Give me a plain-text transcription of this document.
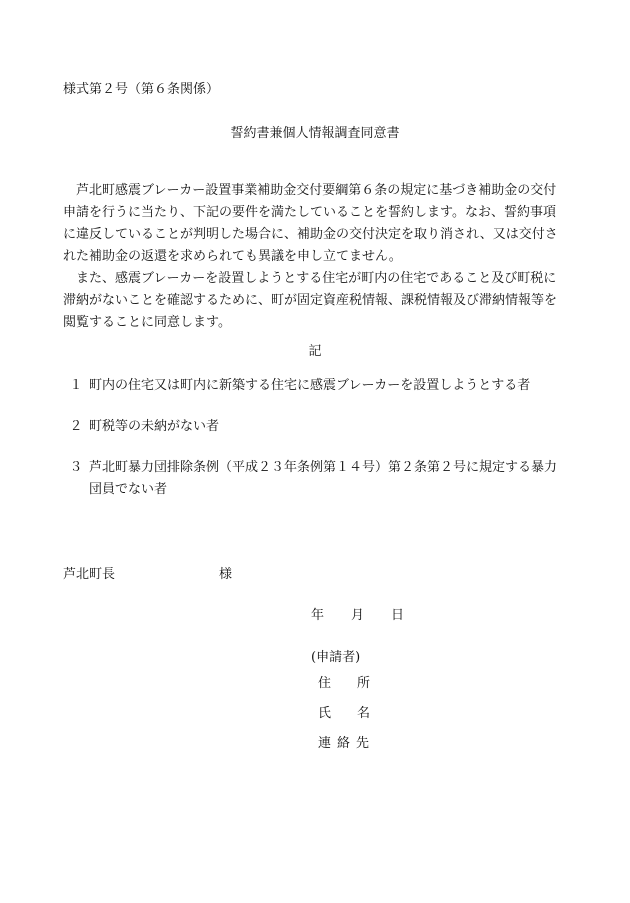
様式第２号（第６条関係）
誓約書兼個人情報調査同意書

芦北町感震ブレーカー設置事業補助金交付要綱第６条の規定に基づき補助金の交付申請を行うに当たり、下記の要件を満たしていることを誓約します。なお、誓約事項に違反していることが判明した場合に、補助金の交付決定を取り消され、又は交付された補助金の返還を求められても異議を申し立てません。

また、感震ブレーカーを設置しようとする住宅が町内の住宅であること及び町税に滞納がないことを確認するために、町が固定資産税情報、課税情報及び滞納情報等を閲覧することに同意します。

記
１ 町内の住宅又は町内に新築する住宅に感震ブレーカーを設置しようとする者
２ 町税等の未納がない者
３ 芦北町暴力団排除条例（平成２３年条例第１４号）第２条第２号に規定する暴力団員でない者
芦北町長	様
年 月 日
(申請者)
住 所
氏 名
連 絡 先
